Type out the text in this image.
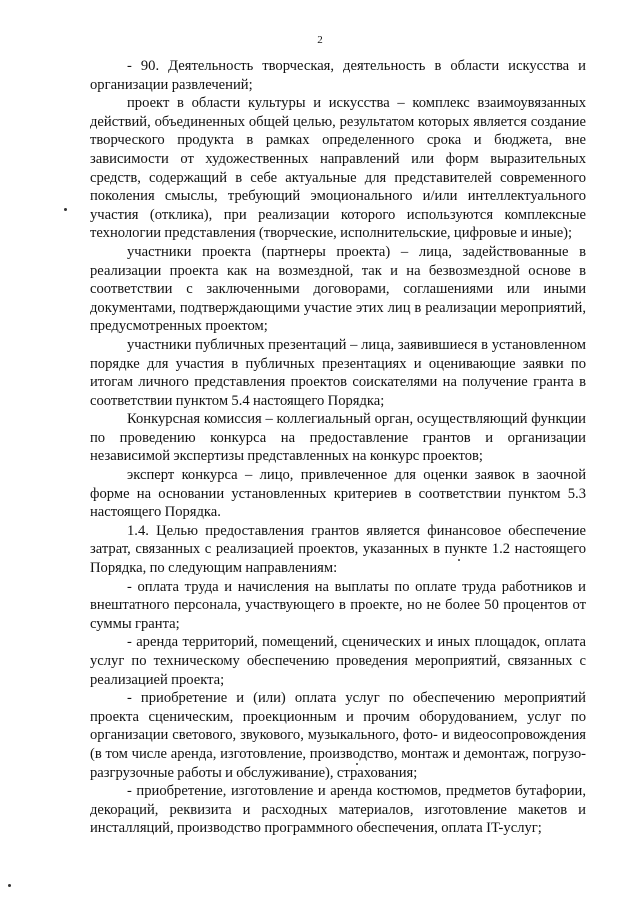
2

- 90. Деятельность творческая, деятельность в области искусства и организации развлечений;

проект в области культуры и искусства – комплекс взаимоувязанных действий, объединенных общей целью, результатом которых является создание творческого продукта в рамках определенного срока и бюджета, вне зависимости от художественных направлений или форм выразительных средств, содержащий в себе актуальные для представителей современного поколения смыслы, требующий эмоционального и/или интеллектуального участия (отклика), при реализации которого используются комплексные технологии представления (творческие, исполнительские, цифровые и иные);

участники проекта (партнеры проекта) – лица, задействованные в реализации проекта как на возмездной, так и на безвозмездной основе в соответствии с заключенными договорами, соглашениями или иными документами, подтверждающими участие этих лиц в реализации мероприятий, предусмотренных проектом;

участники публичных презентаций – лица, заявившиеся в установленном порядке для участия в публичных презентациях и оценивающие заявки по итогам личного представления проектов соискателями на получение гранта в соответствии пунктом 5.4 настоящего Порядка;

Конкурсная комиссия – коллегиальный орган, осуществляющий функции по проведению конкурса на предоставление грантов и организации независимой экспертизы представленных на конкурс проектов;

эксперт конкурса – лицо, привлеченное для оценки заявок в заочной форме на основании установленных критериев в соответствии пунктом 5.3 настоящего Порядка.

1.4. Целью предоставления грантов является финансовое обеспечение затрат, связанных с реализацией проектов, указанных в пункте 1.2 настоящего Порядка, по следующим направлениям:

- оплата труда и начисления на выплаты по оплате труда работников и внештатного персонала, участвующего в проекте, но не более 50 процентов от суммы гранта;

- аренда территорий, помещений, сценических и иных площадок, оплата услуг по техническому обеспечению проведения мероприятий, связанных с реализацией проекта;

- приобретение и (или) оплата услуг по обеспечению мероприятий проекта сценическим, проекционным и прочим оборудованием, услуг по организации светового, звукового, музыкального, фото- и видеосопровождения (в том числе аренда, изготовление, производство, монтаж и демонтаж, погрузо-разгрузочные работы и обслуживание), страхования;

- приобретение, изготовление и аренда костюмов, предметов бутафории, декораций, реквизита и расходных материалов, изготовление макетов и инсталляций, производство программного обеспечения, оплата IT-услуг;
